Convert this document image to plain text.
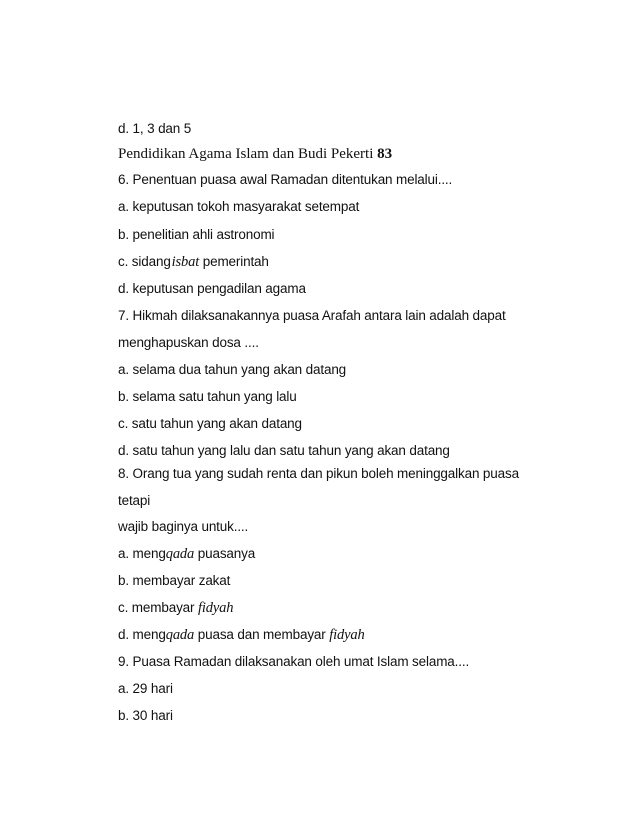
d. 1, 3 dan 5

Pendidikan Agama Islam dan Budi Pekerti 83

6. Penentuan puasa awal Ramadan ditentukan melalui....

a. keputusan tokoh masyarakat setempat

b. penelitian ahli astronomi

c. sidang isbat pemerintah

d. keputusan pengadilan agama

7. Hikmah dilaksanakannya puasa Arafah antara lain adalah dapat

menghapuskan dosa ....

a. selama dua tahun yang akan datang

b. selama satu tahun yang lalu

c. satu tahun yang akan datang

d. satu tahun yang lalu dan satu tahun yang akan datang

8. Orang tua yang sudah renta dan pikun boleh meninggalkan puasa

tetapi

wajib baginya untuk....

a. mengqada puasanya

b. membayar zakat

c. membayar fidyah

d. mengqada puasa dan membayar fidyah

9. Puasa Ramadan dilaksanakan oleh umat Islam selama....

a. 29 hari

b. 30 hari
